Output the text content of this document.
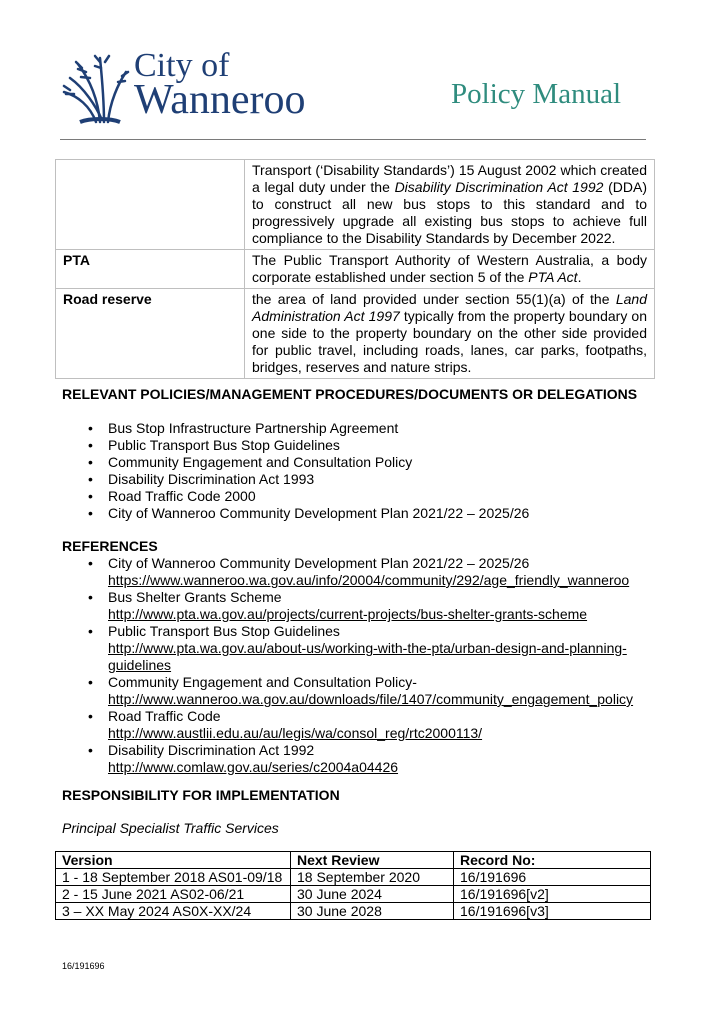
City of
Wanneroo	Policy Manual
	Transport (‘Disability Standards’) 15 August 2002 which created a legal duty under the Disability Discrimination Act 1992 (DDA) to construct all new bus stops to this standard and to progressively upgrade all existing bus stops to achieve full compliance to the Disability Standards by December 2022.
PTA	The Public Transport Authority of Western Australia, a body corporate established under section 5 of the PTA Act.
Road reserve	the area of land provided under section 55(1)(a) of the Land Administration Act 1997 typically from the property boundary on one side to the property boundary on the other side provided for public travel, including roads, lanes, car parks, footpaths, bridges, reserves and nature strips.
RELEVANT POLICIES/MANAGEMENT PROCEDURES/DOCUMENTS OR DELEGATIONS
• Bus Stop Infrastructure Partnership Agreement
• Public Transport Bus Stop Guidelines
• Community Engagement and Consultation Policy
• Disability Discrimination Act 1993
• Road Traffic Code 2000
• City of Wanneroo Community Development Plan 2021/22 – 2025/26
REFERENCES
• City of Wanneroo Community Development Plan 2021/22 – 2025/26
https://www.wanneroo.wa.gov.au/info/20004/community/292/age_friendly_wanneroo
• Bus Shelter Grants Scheme
http://www.pta.wa.gov.au/projects/current-projects/bus-shelter-grants-scheme
• Public Transport Bus Stop Guidelines
http://www.pta.wa.gov.au/about-us/working-with-the-pta/urban-design-and-planning-guidelines
• Community Engagement and Consultation Policy-
http://www.wanneroo.wa.gov.au/downloads/file/1407/community_engagement_policy
• Road Traffic Code
http://www.austlii.edu.au/au/legis/wa/consol_reg/rtc2000113/
• Disability Discrimination Act 1992
http://www.comlaw.gov.au/series/c2004a04426
RESPONSIBILITY FOR IMPLEMENTATION
Principal Specialist Traffic Services
Version	Next Review	Record No:
1 - 18 September 2018 AS01-09/18	18 September 2020	16/191696
2 - 15 June 2021 AS02-06/21	30 June 2024	16/191696[v2]
3 – XX May 2024 AS0X-XX/24	30 June 2028	16/191696[v3]
16/191696
